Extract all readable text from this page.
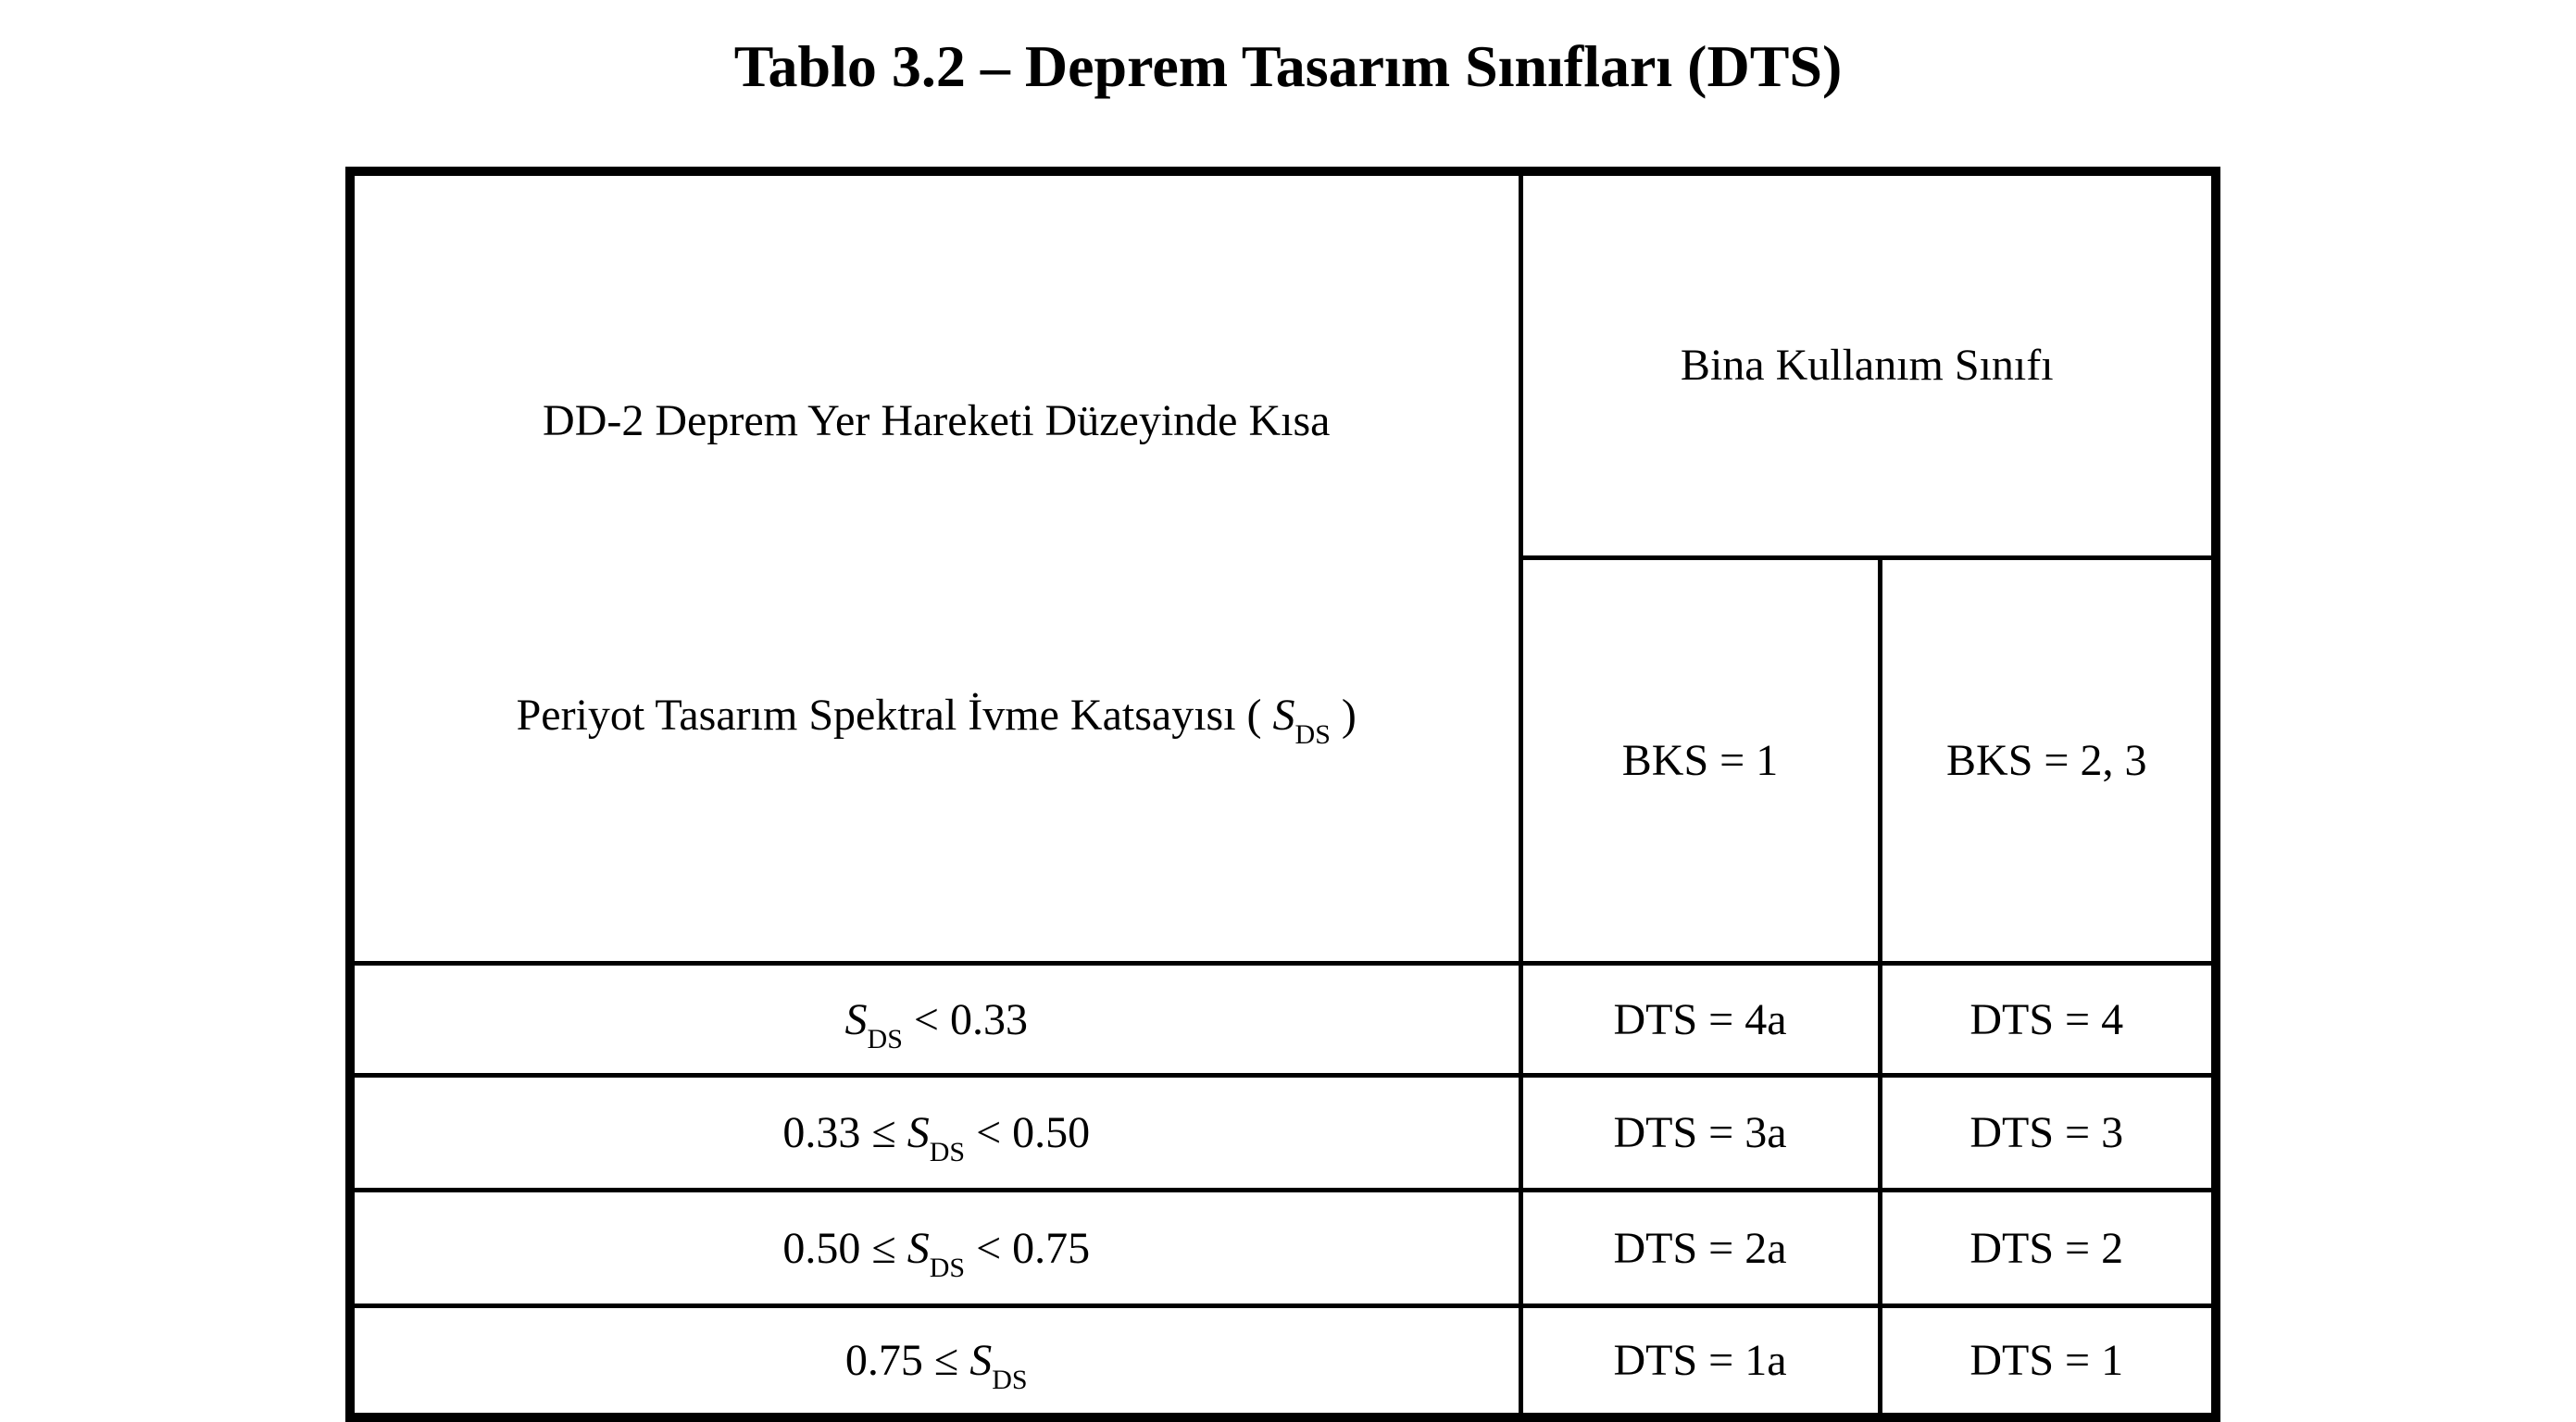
Tablo 3.2 – Deprem Tasarım Sınıfları (DTS)

DD-2 Deprem Yer Hareketi Düzeyinde Kısa

Periyot Tasarım Spektral İvme Katsayısı ( $S_{DS}$ )	Bina Kullanım Sınıfı	
	BKS = 1	BKS = 2, 3
$S_{DS} < 0.33$	DTS = 4a	DTS = 4
$0.33 \le S_{DS} < 0.50$	DTS = 3a	DTS = 3
$0.50 \le S_{DS} < 0.75$	DTS = 2a	DTS = 2
$0.75 \le S_{DS}$	DTS = 1a	DTS = 1
